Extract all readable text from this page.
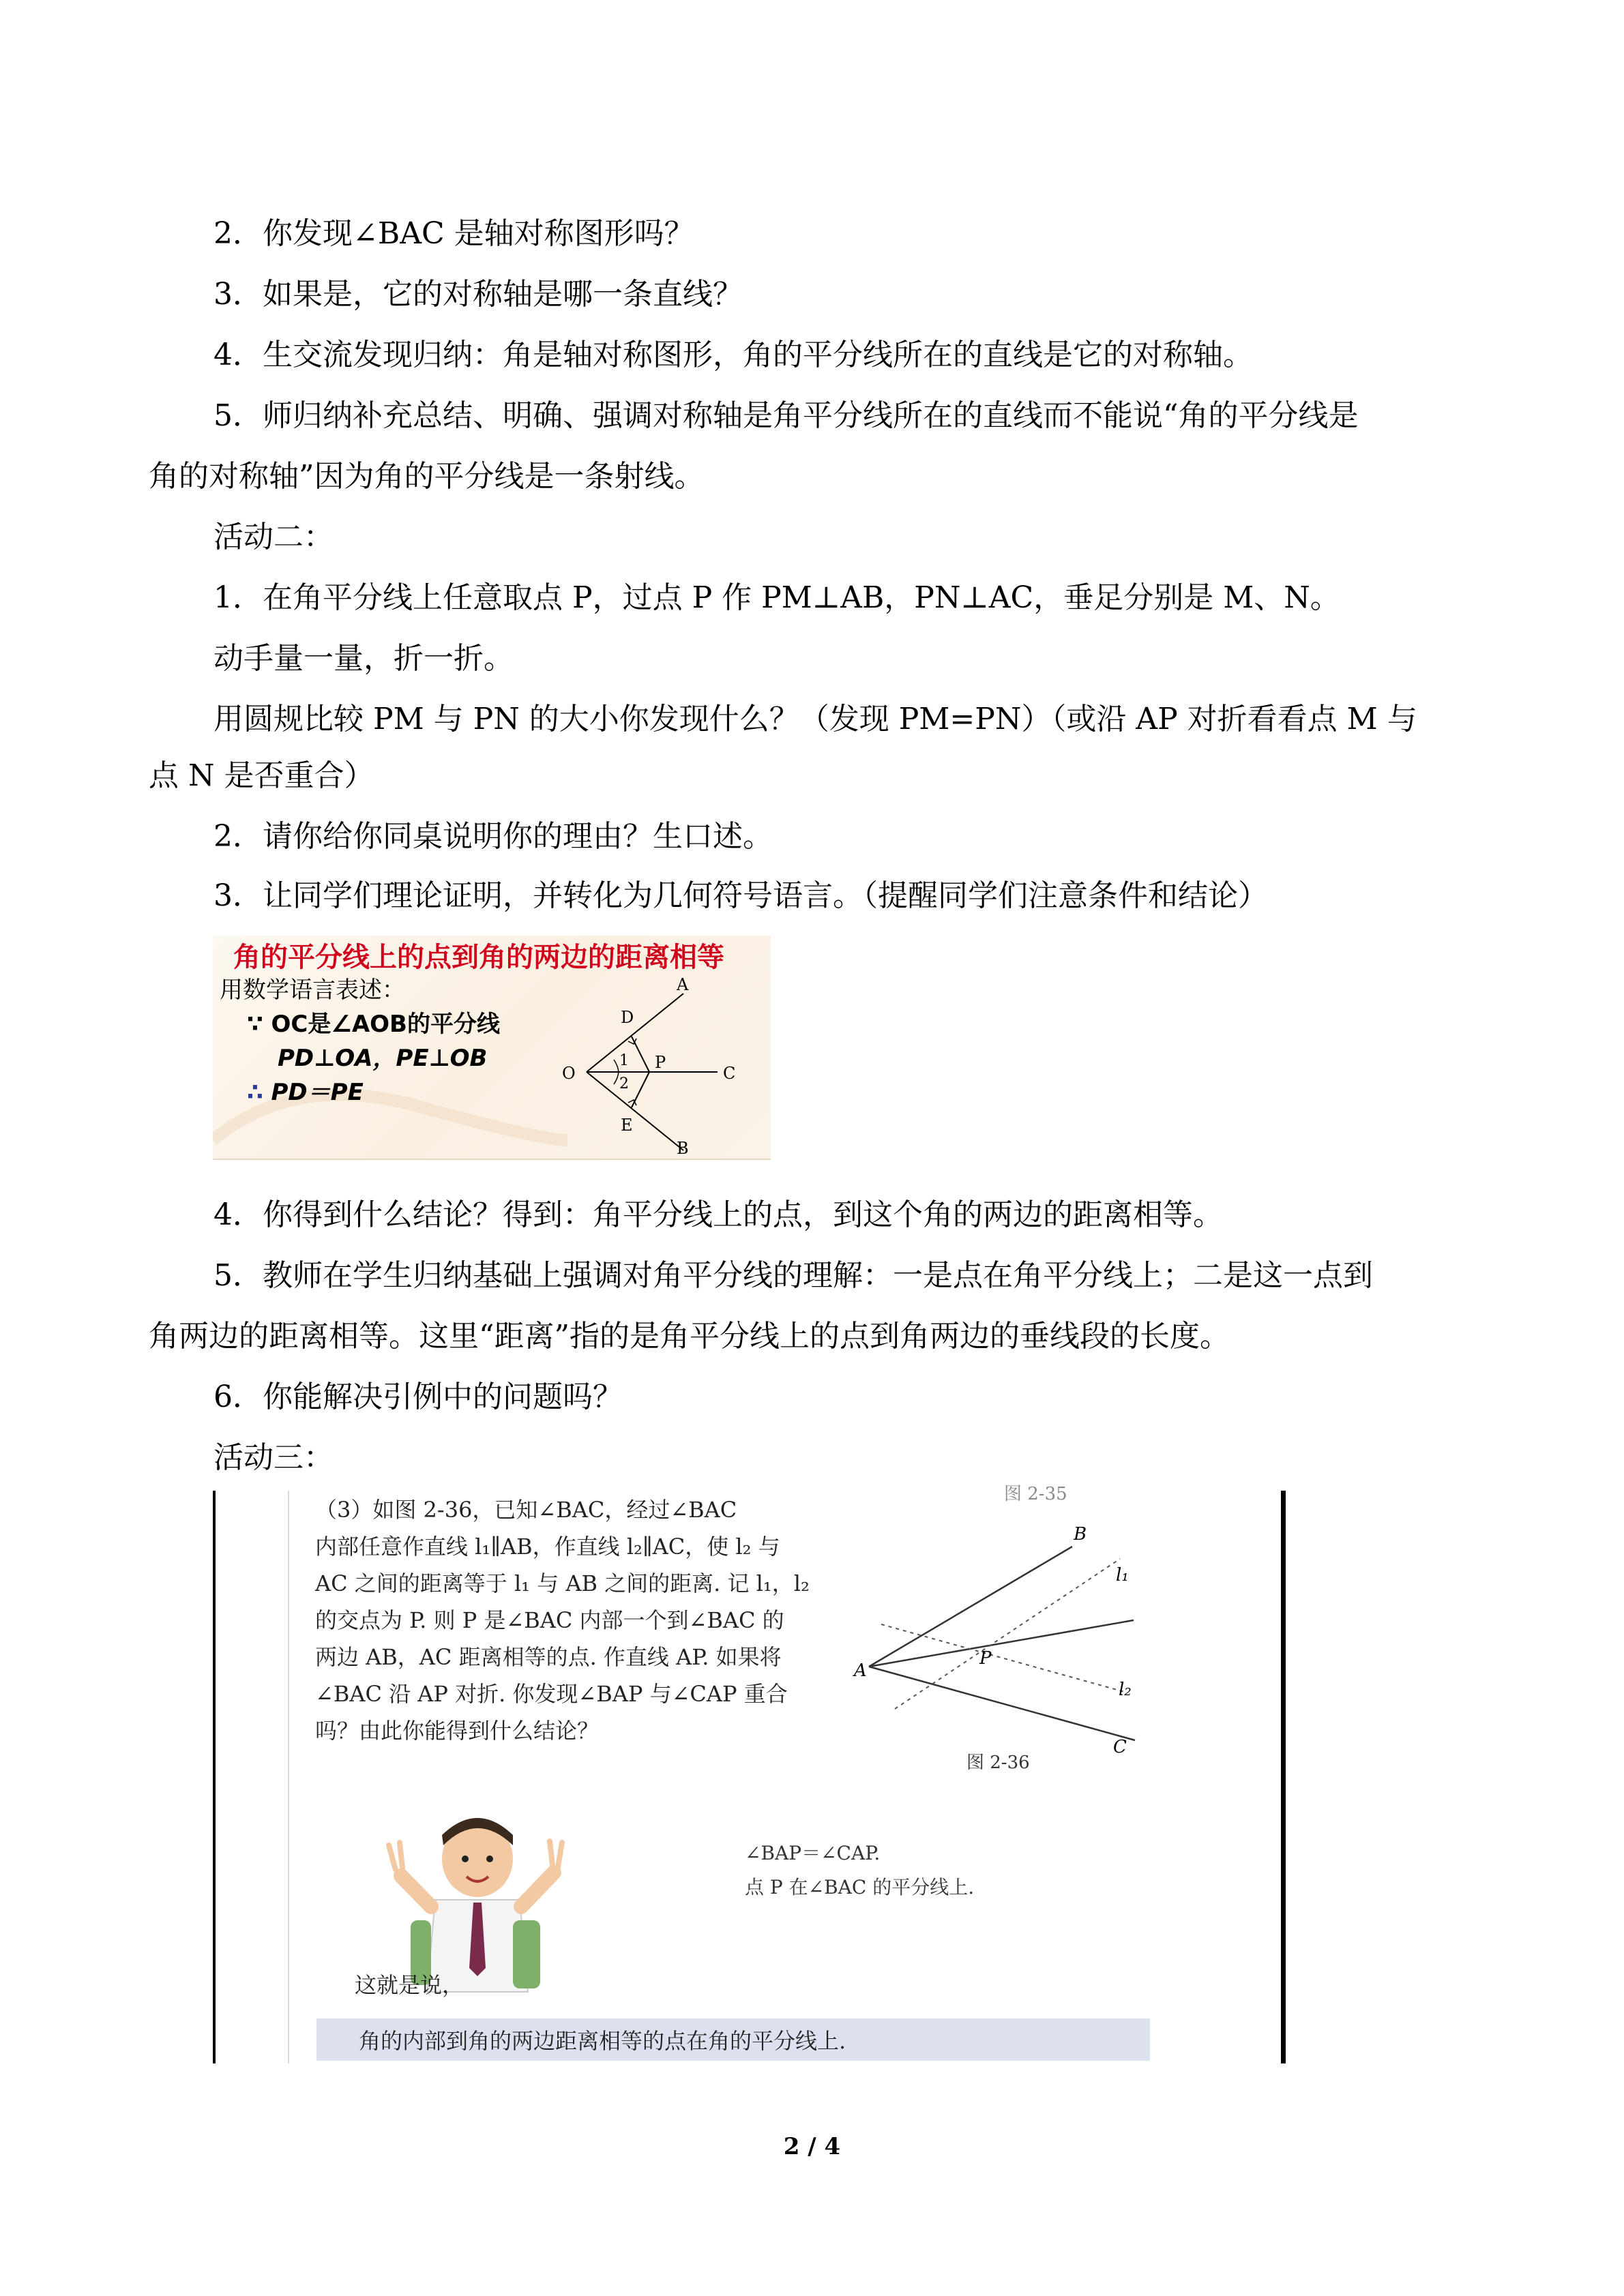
2．你发现∠BAC 是轴对称图形吗？
3．如果是，它的对称轴是哪一条直线？
4．生交流发现归纳：角是轴对称图形，角的平分线所在的直线是它的对称轴。
5．师归纳补充总结、明确、强调对称轴是角平分线所在的直线而不能说“角的平分线是
角的对称轴”因为角的平分线是一条射线。
活动二：
1．在角平分线上任意取点 P，过点 P 作 PM⊥AB，PN⊥AC，垂足分别是 M、N。
动手量一量，折一折。
用圆规比较 PM 与 PN 的大小你发现什么？（发现 PM=PN）（或沿 AP 对折看看点 M 与
点 N 是否重合）
2．请你给你同桌说明你的理由？生口述。
3．让同学们理论证明，并转化为几何符号语言。（提醒同学们注意条件和结论）
A
B
C
D
E
O
P
1
2
角的平分线上的点到角的两边的距离相等
用数学语言表述：
∵ OC是∠AOB的平分线
PD⊥OA，PE⊥OB
∴ PD＝PE
4．你得到什么结论？得到：角平分线上的点，到这个角的两边的距离相等。
5．教师在学生归纳基础上强调对角平分线的理解：一是点在角平分线上；二是这一点到
角两边的距离相等。这里“距离”指的是角平分线上的点到角两边的垂线段的长度。
6．你能解决引例中的问题吗？
活动三：
图 2-35
（3）如图 2-36，已知∠BAC，经过∠BAC
内部任意作直线 l₁∥AB，作直线 l₂∥AC，使 l₂ 与
AC 之间的距离等于 l₁ 与 AB 之间的距离. 记 l₁，l₂
的交点为 P. 则 P 是∠BAC 内部一个到∠BAC 的
两边 AB，AC 距离相等的点. 作直线 AP. 如果将
∠BAC 沿 AP 对折. 你发现∠BAP 与∠CAP 重合
吗？由此你能得到什么结论？
A
B
C
P
l₁
l₂
图 2-36
∠BAP＝∠CAP.
点 P 在∠BAC 的平分线上.
这就是说，
角的内部到角的两边距离相等的点在角的平分线上.
2 / 4
